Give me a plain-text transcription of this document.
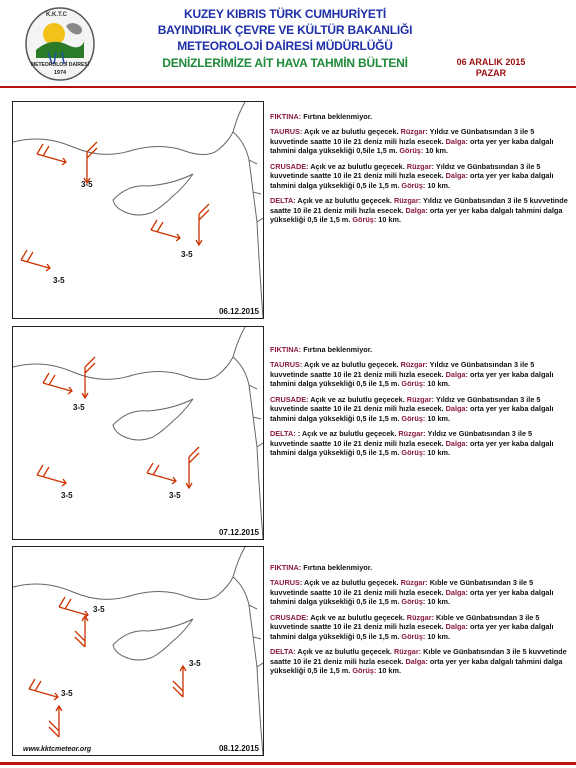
K.K.T.C
METEOROLOJİ DAİRESİ
1974
KUZEY KIBRIS TÜRK CUMHURİYETİ
BAYINDIRLIK ÇEVRE VE KÜLTÜR BAKANLIĞI
METEOROLOJİ DAİRESİ MÜDÜRLÜĞÜ
DENİZLERİMİZE AİT HAVA TAHMİN BÜLTENİ	06 ARALIK 2015
PAZAR
3-5
3-5
3-5
06.12.2015

FIKTINA: Fırtına beklenmiyor.

TAURUS: Açık ve az bulutlu geçecek. Rüzgar: Yıldız ve Günbatısından 3 ile 5 kuvvetinde saatte 10 ile 21 deniz mili hızla esecek. Dalga: orta yer yer kaba dalgalı tahmini dalga yüksekliği 0,5ile 1,5 m. Görüş: 10 km.

CRUSADE: Açık ve az bulutlu geçecek. Rüzgar: Yıldız ve Günbatısından 3 ile 5 kuvvetinde saatte 10 ile 21 deniz mili hızla esecek. Dalga: orta yer yer kaba dalgalı tahmini dalga yüksekliği 0,5 ile 1,5 m. Görüş: 10 km.

DELTA: Açık ve az bulutlu geçecek. Rüzgar: Yıldız ve Günbatısından 3 ile 5 kuvvetinde saatte 10 ile 21 deniz mili hızla esecek. Dalga: orta yer yer kaba dalgalı tahmini dalga yüksekliği 0,5 ile 1,5 m. Görüş: 10 km.

3-5
3-5	3-5
07.12.2015

FIKTINA: Fırtına beklenmiyor.

TAURUS: Açık ve az bulutlu geçecek. Rüzgar: Yıldız ve Günbatısından 3 ile 5 kuvvetinde saatte 10 ile 21 deniz mili hızla esecek. Dalga: orta yer yer kaba dalgalı tahmini dalga yüksekliği 0,5 ile 1,5 m. Görüş: 10 km.

CRUSADE: Açık ve az bulutlu geçecek. Rüzgar: Yıldız ve Günbatısından 3 ile 5 kuvvetinde saatte 10 ile 21 deniz mili hızla esecek. Dalga: orta yer yer kaba dalgalı tahmini dalga yüksekliği 0,5 ile 1,5 m. Görüş: 10 km.

DELTA: : Açık ve az bulutlu geçecek. Rüzgar: Yıldız ve Günbatısından 3 ile 5 kuvvetinde saatte 10 ile 21 deniz mili hızla esecek. Dalga: orta yer yer kaba dalgalı tahmini dalga yüksekliği 0,5 ile 1,5 m. Görüş: 10 km.

3-5
3-5
3-5
www.kktcmeteor.org	08.12.2015

FIKTINA: Fırtına beklenmiyor.

TAURUS: Açık ve az bulutlu geçecek. Rüzgar: Kıble ve Günbatısından 3 ile 5 kuvvetinde saatte 10 ile 21 deniz mili hızla esecek. Dalga: orta yer yer kaba dalgalı tahmini dalga yüksekliği 0,5 ile 1,5 m. Görüş: 10 km.

CRUSADE: Açık ve az bulutlu geçecek. Rüzgar: Kıble ve Günbatısından 3 ile 5 kuvvetinde saatte 10 ile 21 deniz mili hızla esecek. Dalga: orta yer yer kaba dalgalı tahmini dalga yüksekliği 0,5 ile 1,5 m. Görüş: 10 km.

DELTA: Açık ve az bulutlu geçecek. Rüzgar: Kıble ve Günbatısından 3 ile 5 kuvvetinde saatte 10 ile 21 deniz mili hızla esecek. Dalga: orta yer yer kaba dalgalı tahmini dalga yüksekliği 0,5 ile 1,5 m. Görüş: 10 km.
